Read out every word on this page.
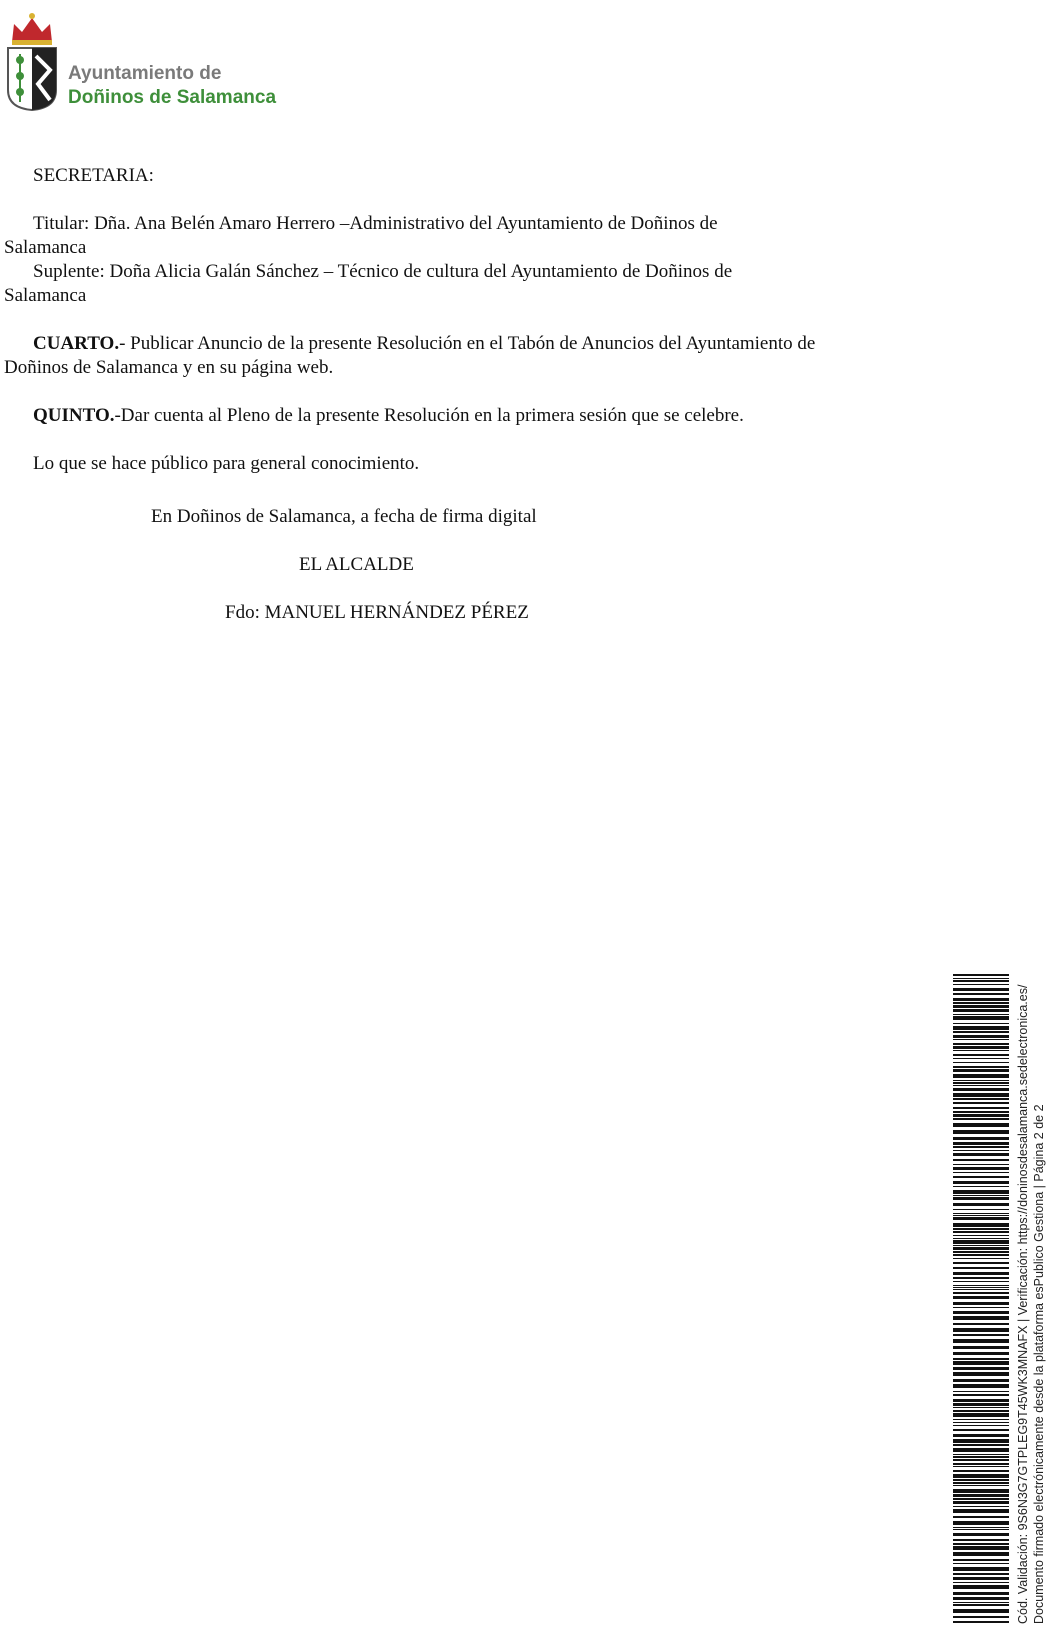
Ayuntamiento de
Doñinos de Salamanca

SECRETARIA:

Titular: Dña. Ana Belén Amaro Herrero –Administrativo del Ayuntamiento de Doñinos de Salamanca

Suplente: Doña Alicia Galán Sánchez – Técnico de cultura del Ayuntamiento de Doñinos de Salamanca

CUARTO.- Publicar Anuncio de la presente Resolución en el Tabón de Anuncios del Ayuntamiento de Doñinos de Salamanca y en su página web.

QUINTO.-Dar cuenta al Pleno de la presente Resolución en la primera sesión que se celebre.

Lo que se hace público para general conocimiento.

En Doñinos de Salamanca, a fecha de firma digital
EL ALCALDE
Fdo: MANUEL HERNÁNDEZ PÉREZ
Cód. Validación: 9S6N3G7GTPLEG9T45WK3MNAFX | Verificación: https://doninosdesalamanca.sedelectronica.es/ Documento firmado electrónicamente desde la plataforma esPublico Gestiona | Página 2 de 2
